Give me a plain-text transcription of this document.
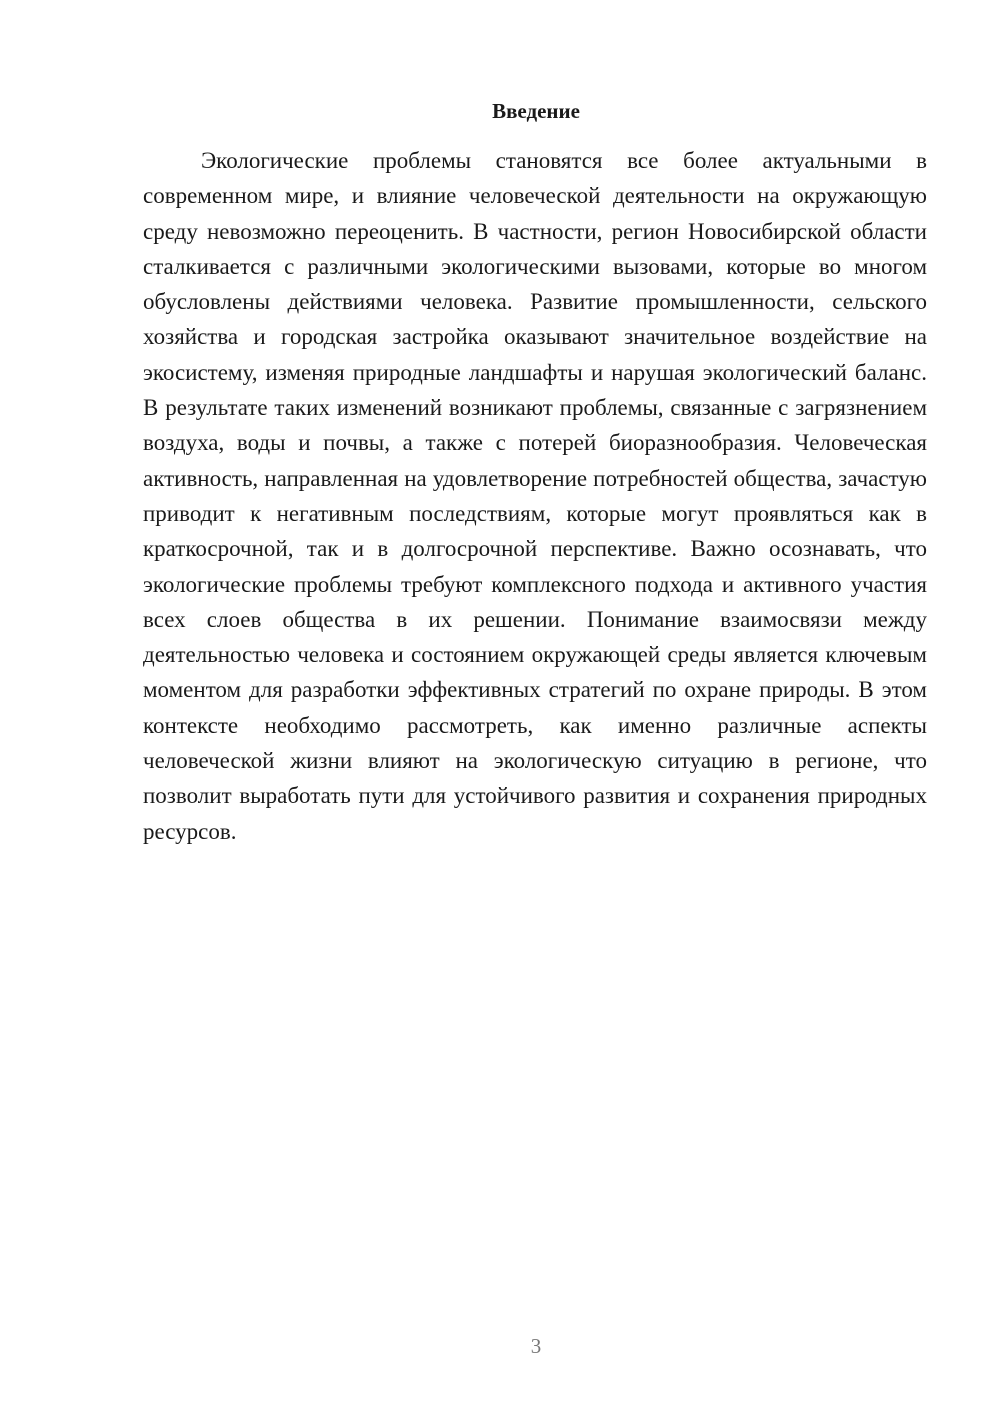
Введение

Экологические проблемы становятся все более актуальными в современном мире, и влияние человеческой деятельности на окружающую среду невозможно переоценить. В частности, регион Новосибирской области сталкивается с различными экологическими вызовами, которые во многом обусловлены действиями человека. Развитие промышленности, сельского хозяйства и городская застройка оказывают значительное воздействие на экосистему, изменяя природные ландшафты и нарушая экологический баланс. В результате таких изменений возникают проблемы, связанные с загрязнением воздуха, воды и почвы, а также с потерей биоразнообразия. Человеческая активность, направленная на удовлетворение потребностей общества, зачастую приводит к негативным последствиям, которые могут проявляться как в краткосрочной, так и в долгосрочной перспективе. Важно осознавать, что экологические проблемы требуют комплексного подхода и активного участия всех слоев общества в их решении. Понимание взаимосвязи между деятельностью человека и состоянием окружающей среды является ключевым моментом для разработки эффективных стратегий по охране природы. В этом контексте необходимо рассмотреть, как именно различные аспекты человеческой жизни влияют на экологическую ситуацию в регионе, что позволит выработать пути для устойчивого развития и сохранения природных ресурсов.

3
